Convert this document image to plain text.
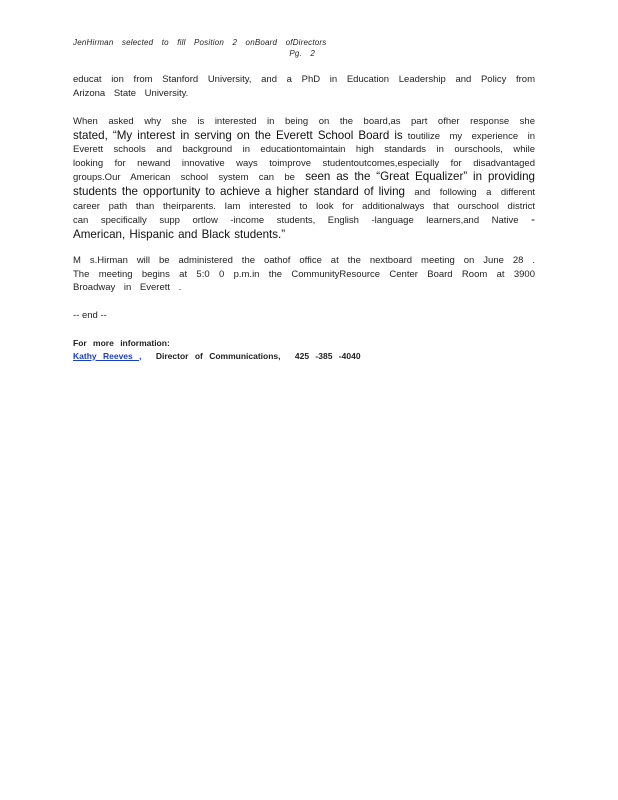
JenHirman selected to fill Position 2 onBoard ofDirectors
Pg. 2
educat ion from Stanford University, and a PhD in Education Leadership and Policy from Arizona State University.
When asked why she is interested in being on the board,as part ofher response she stated, “My interest in serving on the Everett School Board is toutilize my experience in Everett schools and background in educationtomaintain high standards in ourschools, while looking for newand innovative ways toimprove studentoutcomes,especially for disadvantaged groups.Our American school system can be seen as the “Great Equalizer” in providing students the opportunity to achieve a higher standard of living and following a different career path than theirparents. Iam interested to look for additionalways that ourschool district can specifically supp ortlow -income students, English -language learners,and Native -American, Hispanic and Black students.”
M s.Hirman will be administered the oathof office at the nextboard meeting on June 28 . The meeting begins at 5:0 0 p.m.in the CommunityResource Center Board Room at 3900 Broadway in Everett .
-- end --
For more information:
Kathy Reeves , Director of Communications, 425 -385 -4040
